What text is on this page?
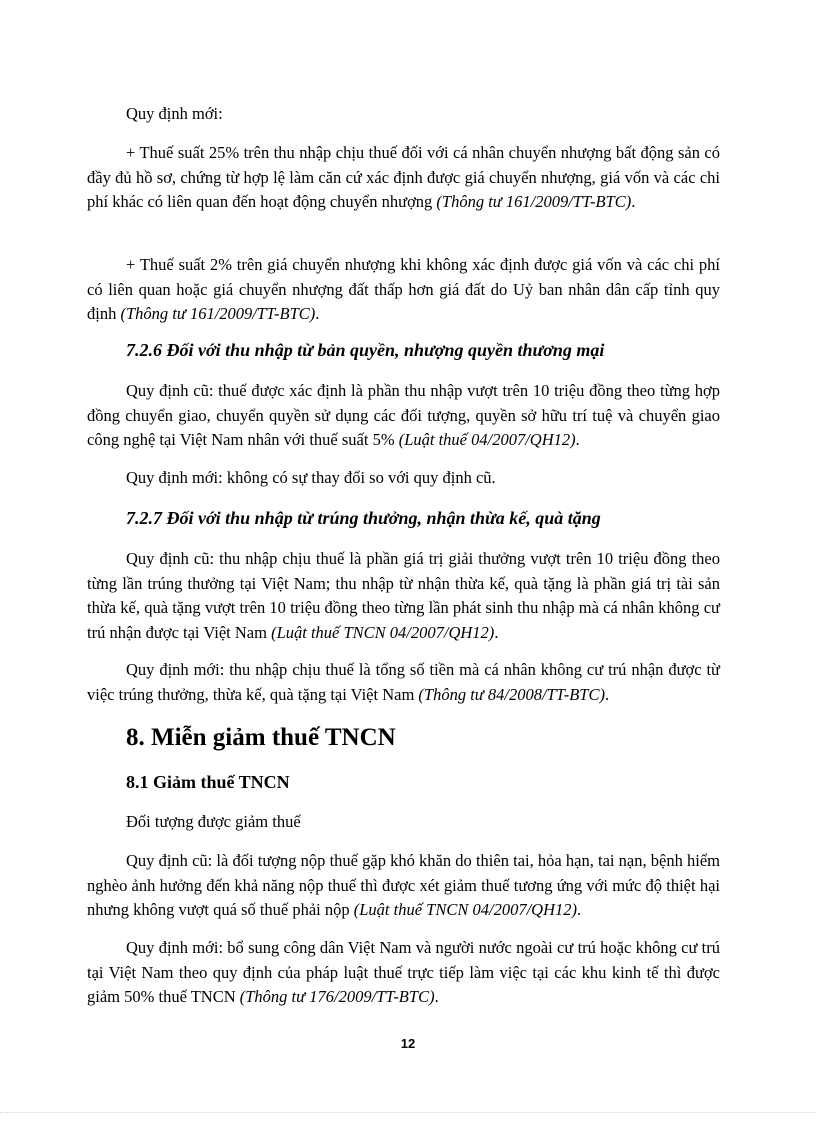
Quy định mới:

+ Thuế suất 25% trên thu nhập chịu thuế đối với cá nhân chuyển nhượng bất động sản có đầy đủ hồ sơ, chứng từ hợp lệ làm căn cứ xác định được giá chuyển nhượng, giá vốn và các chi phí khác có liên quan đến hoạt động chuyển nhượng (Thông tư 161/2009/TT-BTC).

+ Thuế suất 2% trên giá chuyển nhượng khi không xác định được giá vốn và các chi phí có liên quan hoặc giá chuyển nhượng đất thấp hơn giá đất do Uỷ ban nhân dân cấp tỉnh quy định (Thông tư 161/2009/TT-BTC).

7.2.6 Đối với thu nhập từ bản quyền, nhượng quyền thương mại

Quy định cũ: thuế được xác định là phần thu nhập vượt trên 10 triệu đồng theo từng hợp đồng chuyển giao, chuyển quyền sử dụng các đối tượng, quyền sở hữu trí tuệ và chuyển giao công nghệ tại Việt Nam nhân với thuế suất 5% (Luật thuế 04/2007/QH12).

Quy định mới: không có sự thay đổi so với quy định cũ.

7.2.7 Đối với thu nhập từ trúng thưởng, nhận thừa kế, quà tặng

Quy định cũ: thu nhập chịu thuế là phần giá trị giải thưởng vượt trên 10 triệu đồng theo từng lần trúng thưởng tại Việt Nam; thu nhập từ nhận thừa kế, quà tặng là phần giá trị tài sản thừa kế, quà tặng vượt trên 10 triệu đồng theo từng lần phát sinh thu nhập mà cá nhân không cư trú nhận được tại Việt Nam (Luật thuế TNCN 04/2007/QH12).

Quy định mới: thu nhập chịu thuế là tổng số tiền mà cá nhân không cư trú nhận được từ việc trúng thưởng, thừa kế, quà tặng tại Việt Nam (Thông tư 84/2008/TT-BTC).

8. Miễn giảm thuế TNCN
8.1 Giảm thuế TNCN

Đối tượng được giảm thuế

Quy định cũ: là đối tượng nộp thuế gặp khó khăn do thiên tai, hỏa hạn, tai nạn, bệnh hiểm nghèo ảnh hưởng đến khả năng nộp thuế thì được xét giảm thuế tương ứng với mức độ thiệt hại nhưng không vượt quá số thuế phải nộp (Luật thuế TNCN 04/2007/QH12).

Quy định mới: bổ sung công dân Việt Nam và người nước ngoài cư trú hoặc không cư trú tại Việt Nam theo quy định của pháp luật thuế trực tiếp làm việc tại các khu kinh tế thì được giảm 50% thuế TNCN (Thông tư 176/2009/TT-BTC).

12
